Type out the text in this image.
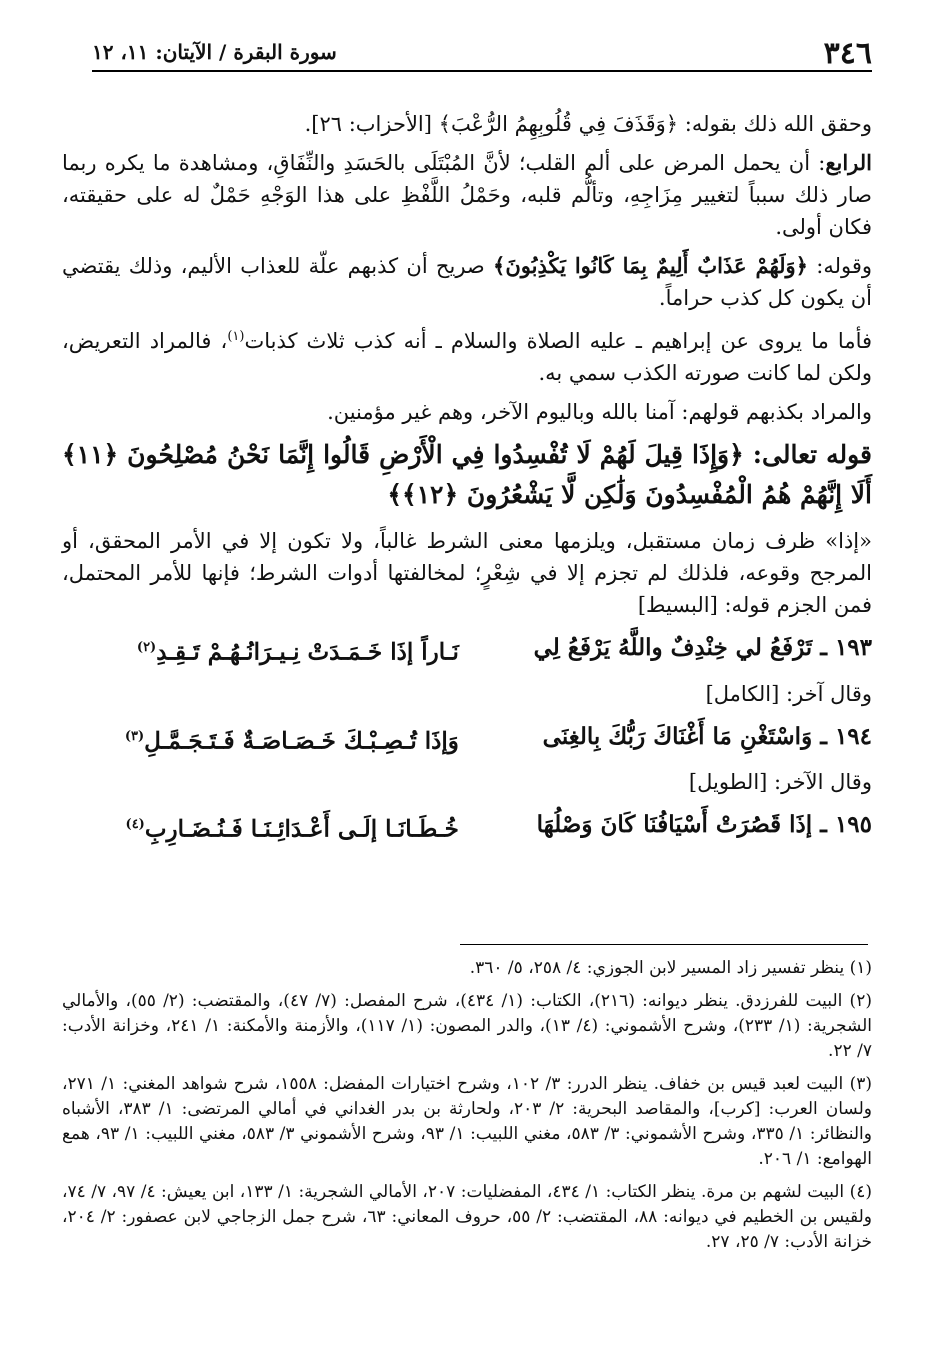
٣٤٦
سورة البقرة / الآيتان: ١١، ١٢

وحقق الله ذلك بقوله: ﴿وَقَذَفَ فِي قُلُوبِهِمُ الرُّعْبَ﴾ [الأحزاب: ٢٦].

الرابع: أن يحمل المرض على ألم القلب؛ لأنَّ المُبْتَلَى بالحَسَدِ والنِّفَاقِ، ومشاهدة ما يكره ربما صار ذلك سبباً لتغيير مِزَاجِهِ، وتألُّم قلبه، وحَمْلُ اللَّفْظِ على هذا الوَجْهِ حَمْلٌ له على حقيقته، فكان أولى.

وقوله: ﴿وَلَهُمْ عَذَابٌ أَلِيمٌ بِمَا كَانُوا يَكْذِبُونَ﴾ صريح أن كذبهم علّة للعذاب الأليم، وذلك يقتضي أن يكون كل كذب حراماً.

فأما ما يروى عن إبراهيم ـ عليه الصلاة والسلام ـ أنه كذب ثلاث كذبات$^{(١)}$، فالمراد التعريض، ولكن لما كانت صورته الكذب سمي به.

والمراد بكذبهم قولهم: آمنا بالله وباليوم الآخر، وهم غير مؤمنين.

قوله تعالى: ﴿وَإِذَا قِيلَ لَهُمْ لَا تُفْسِدُوا فِي الْأَرْضِ قَالُوا إِنَّمَا نَحْنُ مُصْلِحُونَ ﴿١١﴾ أَلَا إِنَّهُمْ هُمُ الْمُفْسِدُونَ وَلَٰكِن لَّا يَشْعُرُونَ ﴿١٢﴾﴾

«إذا» ظرف زمان مستقبل، ويلزمها معنى الشرط غالباً، ولا تكون إلا في الأمر المحقق، أو المرجح وقوعه، فلذلك لم تجزم إلا في شِعْرٍ؛ لمخالفتها أدوات الشرط؛ فإنها للأمر المحتمل، فمن الجزم قوله: [البسيط]

١٩٣ ـ تَرْفَعُ لي خِنْدِفٌ واللَّهُ يَرْفَعُ لِي
نَـاراً إذَا خَـمَـدَتْ نِـيـرَانُـهُـمْ تَـقِـدِ$^{(٢)}$
وقال آخر: [الكامل]
١٩٤ ـ وَاسْتَغْنِ مَا أَغْنَاكَ رَبُّكَ بِالغِنَى
وَإذَا تُـصِـبْـكَ خَـصَـاصَـةٌ فَـتَـجَـمَّـلِ$^{(٣)}$
وقال الآخر: [الطويل]
١٩٥ ـ إذَا قَصُرَتْ أَسْيَافُنَا كَانَ وَصْلُهَا
خُـطَـانَـا إلَـى أَعْـدَائِـنَـا فَـنُـضَـارِبِ$^{(٤)}$
(١) ينظر تفسير زاد المسير لابن الجوزي: ٤/ ٢٥٨، ٥/ ٣٦٠.
(٢) البيت للفرزدق. ينظر ديوانه: (٢١٦)، الكتاب: (١/ ٤٣٤)، شرح المفصل: (٧/ ٤٧)، والمقتضب: (٢/ ٥٥)، والأمالي الشجرية: (١/ ٢٣٣)، وشرح الأشموني: (٤/ ١٣)، والدر المصون: (١/ ١١٧)، والأزمنة والأمكنة: ١/ ٢٤١، وخزانة الأدب: ٧/ ٢٢.
(٣) البيت لعبد قيس بن خفاف. ينظر الدرر: ٣/ ١٠٢، وشرح اختيارات المفضل: ١٥٥٨، شرح شواهد المغني: ١/ ٢٧١، ولسان العرب: [كرب]، والمقاصد البحرية: ٢/ ٢٠٣، ولحارثة بن بدر الغداني في أمالي المرتضى: ١/ ٣٨٣، الأشباه والنظائر: ١/ ٣٣٥، وشرح الأشموني: ٣/ ٥٨٣، مغني اللبيب: ١/ ٩٣، وشرح الأشموني ٣/ ٥٨٣، مغني اللبيب: ١/ ٩٣، همع الهوامع: ١/ ٢٠٦.
(٤) البيت لشهم بن مرة. ينظر الكتاب: ١/ ٤٣٤، المفضليات: ٢٠٧، الأمالي الشجرية: ١/ ١٣٣، ابن يعيش: ٤/ ٩٧، ٧/ ٧٤، ولقيس بن الخطيم في ديوانه: ٨٨، المقتضب: ٢/ ٥٥، حروف المعاني: ٦٣، شرح جمل الزجاجي لابن عصفور: ٢/ ٢٠٤، خزانة الأدب: ٧/ ٢٥، ٢٧.
